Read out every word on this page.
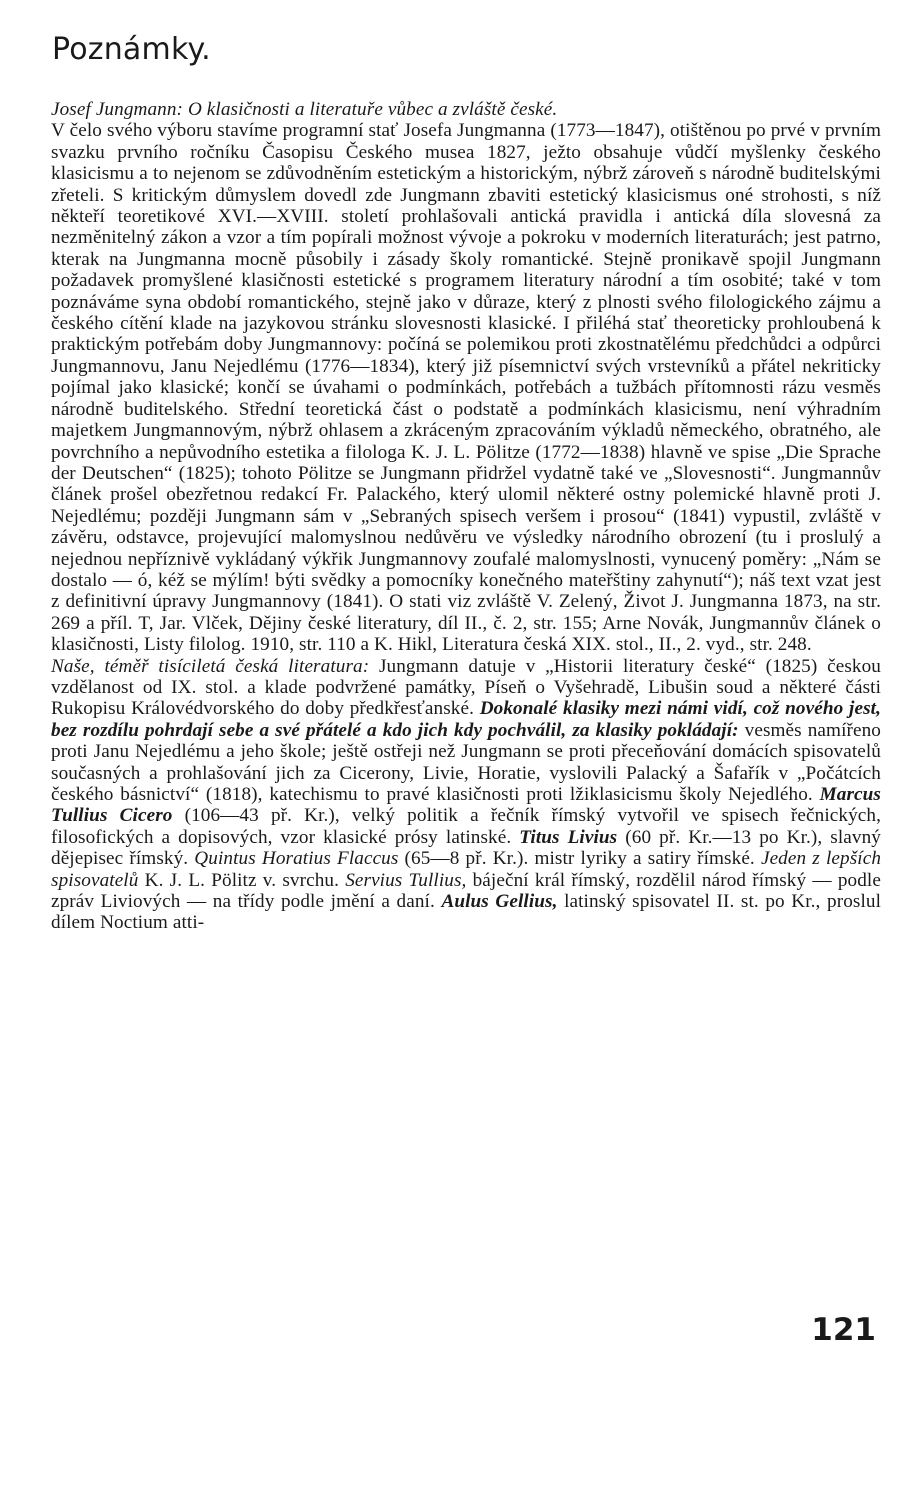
Poznámky.

Josef Jungmann: O klasičnosti a literatuře vůbec a zvláště české.

V čelo svého výboru stavíme programní stať Josefa Jungmanna (1773—1847), otištěnou po prvé v prvním svazku prvního ročníku Časopisu Českého musea 1827, ježto obsahuje vůdčí myšlenky českého klasicismu a to nejenom se zdůvodněním estetickým a historickým, nýbrž zároveň s národně buditelskými zřeteli. S kritickým důmyslem dovedl zde Jungmann zbaviti estetický klasicismus oné strohosti, s níž někteří teoretikové XVI.—XVIII. století prohlašovali antická pravidla i antická díla slovesná za nezměnitelný zákon a vzor a tím popírali možnost vývoje a pokroku v moderních literaturách; jest patrno, kterak na Jungmanna mocně působily i zásady školy romantické. Stejně pronikavě spojil Jungmann požadavek promyšlené klasičnosti estetické s programem literatury národní a tím osobité; také v tom poznáváme syna období romantického, stejně jako v důraze, který z plnosti svého filologického zájmu a českého cítění klade na jazykovou stránku slovesnosti klasické. I přiléhá stať theoreticky prohloubená k praktickým potřebám doby Jungmannovy: počíná se polemikou proti zkostnatělému předchůdci a odpůrci Jungmannovu, Janu Nejedlému (1776—1834), který již písemnictví svých vrstevníků a přátel nekriticky pojímal jako klasické; končí se úvahami o podmínkách, potřebách a tužbách přítomnosti rázu vesměs národně buditelského. Střední teoretická část o podstatě a podmínkách klasicismu, není výhradním majetkem Jungmannovým, nýbrž ohlasem a zkráceným zpracováním výkladů německého, obratného, ale povrchního a nepůvodního estetika a filologa K. J. L. Pölitze (1772—1838) hlavně ve spise „Die Sprache der Deutschen“ (1825); tohoto Pölitze se Jungmann přidržel vydatně také ve „Slovesnosti“. Jungmannův článek prošel obezřetnou redakcí Fr. Palackého, který ulomil některé ostny polemické hlavně proti J. Nejedlému; později Jungmann sám v „Sebraných spisech veršem i prosou“ (1841) vypustil, zvláště v závěru, odstavce, projevující malomyslnou nedůvěru ve výsledky národního obrození (tu i proslulý a nejednou nepříznivě vykládaný výkřik Jungmannovy zoufalé malomyslnosti, vynucený poměry: „Nám se dostalo — ó, kéž se mýlím! býti svědky a pomocníky konečného mateřštiny zahynutí“); náš text vzat jest z definitivní úpravy Jungmannovy (1841). O stati viz zvláště V. Zelený, Život J. Jungmanna 1873, na str. 269 a příl. T, Jar. Vlček, Dějiny české literatury, díl II., č. 2, str. 155; Arne Novák, Jungmannův článek o klasičnosti, Listy filolog. 1910, str. 110 a K. Hikl, Literatura česká XIX. stol., II., 2. vyd., str. 248.

Naše, téměř tisíciletá česká literatura: Jungmann datuje v „Historii literatury české“ (1825) českou vzdělanost od IX. stol. a klade podvržené památky, Píseň o Vyšehradě, Libušin soud a některé části Rukopisu Královédvorského do doby předkřesťanské. Dokonalé klasiky mezi námi vidí, což nového jest, bez rozdílu pohrdají sebe a své přátelé a kdo jich kdy pochválil, za klasiky pokládají: vesměs namířeno proti Janu Nejedlému a jeho škole; ještě ostřeji než Jungmann se proti přeceňování domácích spisovatelů současných a prohlašování jich za Cicerony, Livie, Horatie, vyslovili Palacký a Šafařík v „Počátcích českého básnictví“ (1818), katechismu to pravé klasičnosti proti lžiklasicismu školy Nejedlého. Marcus Tullius Cicero (106—43 př. Kr.), velký politik a řečník římský vytvořil ve spisech řečnických, filosofických a dopisových, vzor klasické prósy latinské. Titus Livius (60 př. Kr.—13 po Kr.), slavný dějepisec římský. Quintus Horatius Flaccus (65—8 př. Kr.). mistr lyriky a satiry římské. Jeden z lepších spisovatelů K. J. L. Pölitz v. svrchu. Servius Tullius, báječní král římský, rozdělil národ římský — podle zpráv Liviových — na třídy podle jmění a daní. Aulus Gellius, latinský spisovatel II. st. po Kr., proslul dílem Noctium atti-

121
